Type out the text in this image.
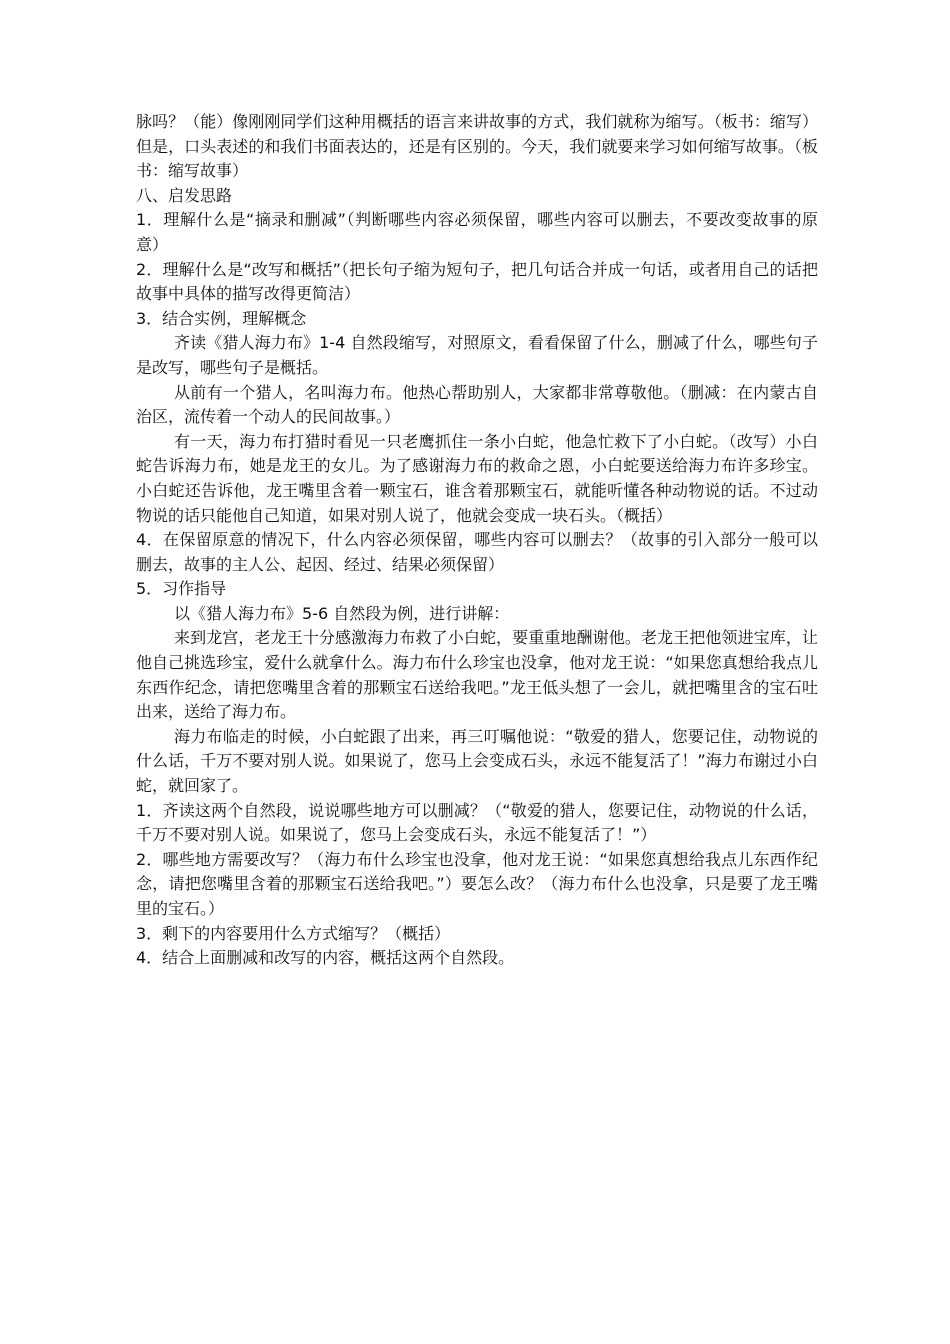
脉吗？（能）像刚刚同学们这种用概括的语言来讲故事的方式，我们就称为缩写。（板书：缩写）但是，口头表述的和我们书面表达的，还是有区别的。今天，我们就要来学习如何缩写故事。（板书：缩写故事）

八、启发思路

1．理解什么是“摘录和删减”（判断哪些内容必须保留，哪些内容可以删去，不要改变故事的原意）

2．理解什么是“改写和概括”（把长句子缩为短句子，把几句话合并成一句话，或者用自己的话把故事中具体的描写改得更简洁）

3．结合实例，理解概念

齐读《猎人海力布》1-4 自然段缩写，对照原文，看看保留了什么，删减了什么，哪些句子是改写，哪些句子是概括。

从前有一个猎人，名叫海力布。他热心帮助别人，大家都非常尊敬他。（删减：在内蒙古自治区，流传着一个动人的民间故事。）

有一天，海力布打猎时看见一只老鹰抓住一条小白蛇，他急忙救下了小白蛇。（改写）小白蛇告诉海力布，她是龙王的女儿。为了感谢海力布的救命之恩，小白蛇要送给海力布许多珍宝。小白蛇还告诉他，龙王嘴里含着一颗宝石，谁含着那颗宝石，就能听懂各种动物说的话。不过动物说的话只能他自己知道，如果对别人说了，他就会变成一块石头。（概括）

4．在保留原意的情况下，什么内容必须保留，哪些内容可以删去？（故事的引入部分一般可以删去，故事的主人公、起因、经过、结果必须保留）

5．习作指导

以《猎人海力布》5-6 自然段为例，进行讲解：

来到龙宫，老龙王十分感激海力布救了小白蛇，要重重地酬谢他。老龙王把他领进宝库，让他自己挑选珍宝，爱什么就拿什么。海力布什么珍宝也没拿，他对龙王说：“如果您真想给我点儿东西作纪念，请把您嘴里含着的那颗宝石送给我吧。”龙王低头想了一会儿，就把嘴里含的宝石吐出来，送给了海力布。

海力布临走的时候，小白蛇跟了出来，再三叮嘱他说：“敬爱的猎人，您要记住，动物说的什么话，千万不要对别人说。如果说了，您马上会变成石头，永远不能复活了！”海力布谢过小白蛇，就回家了。

1．齐读这两个自然段，说说哪些地方可以删减？（“敬爱的猎人，您要记住，动物说的什么话，千万不要对别人说。如果说了，您马上会变成石头，永远不能复活了！”）

2．哪些地方需要改写？（海力布什么珍宝也没拿，他对龙王说：“如果您真想给我点儿东西作纪念，请把您嘴里含着的那颗宝石送给我吧。”）要怎么改？（海力布什么也没拿，只是要了龙王嘴里的宝石。）

3．剩下的内容要用什么方式缩写？（概括）

4．结合上面删减和改写的内容，概括这两个自然段。
